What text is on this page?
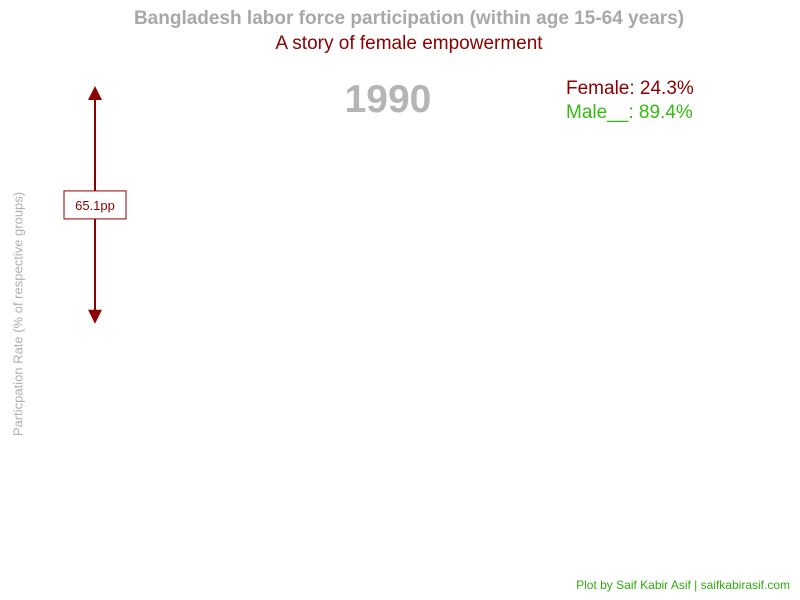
Bangladesh labor force participation (within age 15-64 years)
A story of female empowerment
1990	Female: 24.3%
Male__: 89.4%
Particpation Rate (% of respective groups)	65.1pp
Plot by Saif Kabir Asif | saifkabirasif.com
